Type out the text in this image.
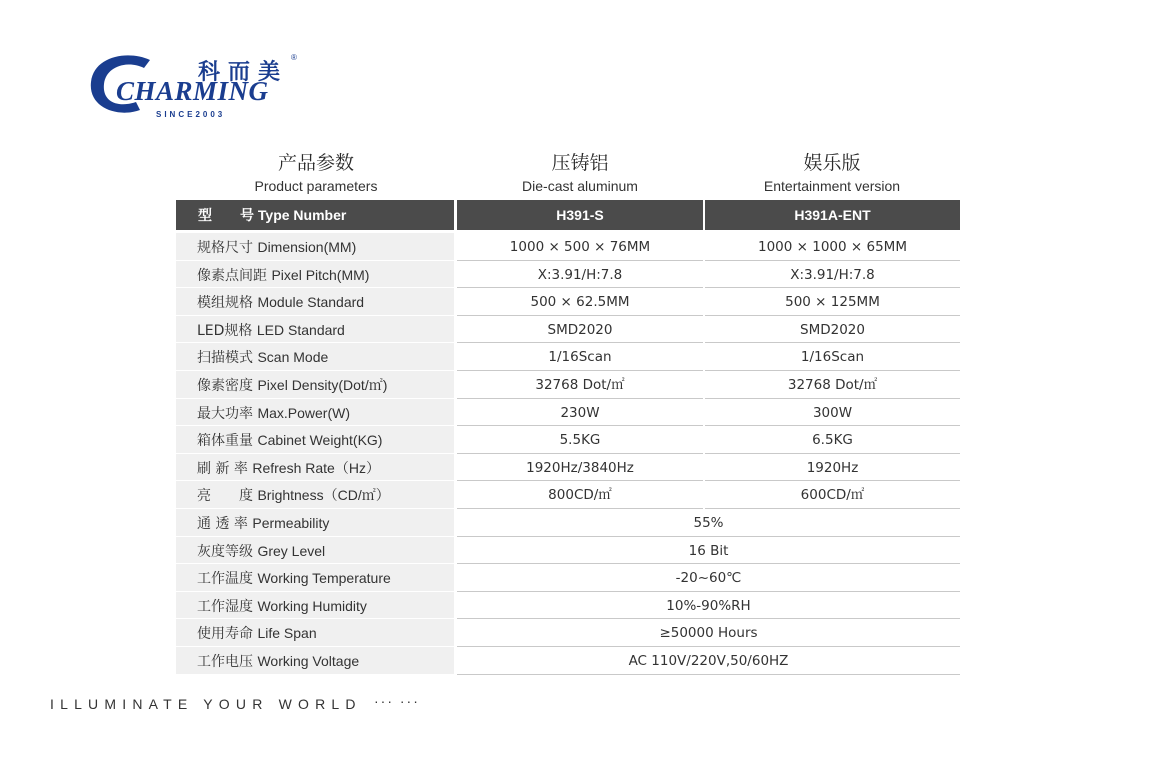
科而美
®
CHARMING
SINCE2003
产品参数
Product parameters
压铸铝
Die-cast aluminum
娱乐版
Entertainment version
型　　号 Type Number	H391-S	H391A-ENT
规格尺寸 Dimension(MM)	1000 × 500 × 76MM	1000 × 1000 × 65MM
像素点间距 Pixel Pitch(MM)	X:3.91/H:7.8	X:3.91/H:7.8
模组规格 Module Standard	500 × 62.5MM	500 × 125MM
LED规格 LED Standard	SMD2020	SMD2020
扫描模式 Scan Mode	1/16Scan	1/16Scan
像素密度 Pixel Density(Dot/㎡)	32768 Dot/㎡	32768 Dot/㎡
最大功率 Max.Power(W)	230W	300W
箱体重量 Cabinet Weight(KG)	5.5KG	6.5KG
刷 新 率 Refresh Rate（Hz）	1920Hz/3840Hz	1920Hz
亮　　度 Brightness（CD/㎡）	800CD/㎡	600CD/㎡
通 透 率 Permeability	55%
灰度等级 Grey Level	16 Bit
工作温度 Working Temperature	-20~60℃
工作湿度 Working Humidity	10%-90%RH
使用寿命 Life Span	≥50000 Hours
工作电压 Working Voltage	AC 110V/220V,50/60HZ
ILLUMINATE YOUR WORLD ··· ···
